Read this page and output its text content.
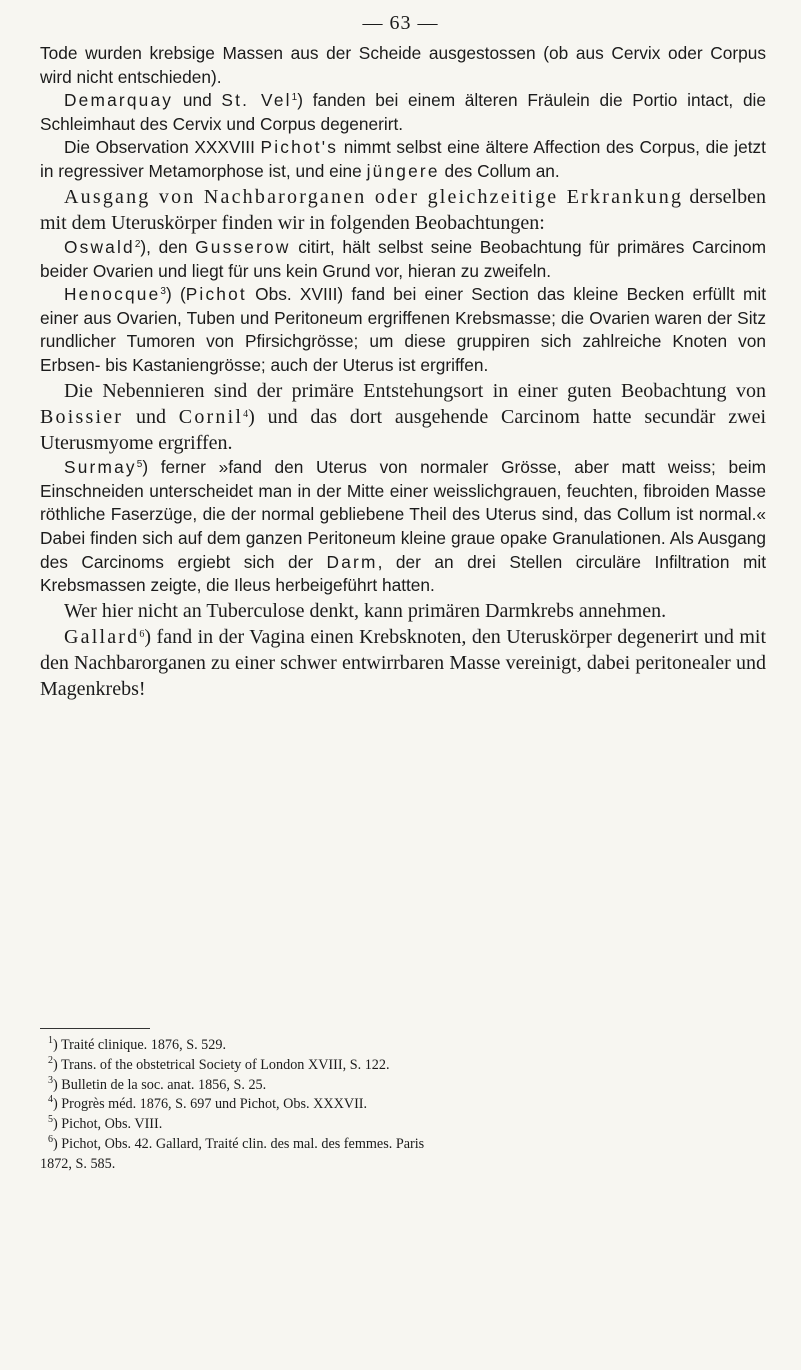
— 63 —

Tode wurden krebsige Massen aus der Scheide ausgestossen (ob aus Cervix oder Corpus wird nicht entschieden).

Demarquay und St. Vel$^1$) fanden bei einem älteren Fräulein die Portio intact, die Schleimhaut des Cervix und Corpus degenerirt.

Die Observation XXXVIII Pichot's nimmt selbst eine ältere Affection des Corpus, die jetzt in regressiver Metamorphose ist, und eine jüngere des Collum an.

Ausgang von Nachbarorganen oder gleichzeitige Erkrankung derselben mit dem Uteruskörper finden wir in folgenden Beobachtungen:

Oswald$^2$), den Gusserow citirt, hält selbst seine Beobachtung für primäres Carcinom beider Ovarien und liegt für uns kein Grund vor, hieran zu zweifeln.

Henocque$^3$) (Pichot Obs. XVIII) fand bei einer Section das kleine Becken erfüllt mit einer aus Ovarien, Tuben und Peritoneum ergriffenen Krebsmasse; die Ovarien waren der Sitz rundlicher Tumoren von Pfirsichgrösse; um diese gruppiren sich zahlreiche Knoten von Erbsen- bis Kastaniengrösse; auch der Uterus ist ergriffen.

Die Nebennieren sind der primäre Entstehungsort in einer guten Beobachtung von Boissier und Cornil$^4$) und das dort ausgehende Carcinom hatte secundär zwei Uterusmyome ergriffen.

Surmay$^5$) ferner »fand den Uterus von normaler Grösse, aber matt weiss; beim Einschneiden unterscheidet man in der Mitte einer weisslichgrauen, feuchten, fibroiden Masse röthliche Faserzüge, die der normal gebliebene Theil des Uterus sind, das Collum ist normal.« Dabei finden sich auf dem ganzen Peritoneum kleine graue opake Granulationen. Als Ausgang des Carcinoms ergiebt sich der Darm, der an drei Stellen circuläre Infiltration mit Krebsmassen zeigte, die Ileus herbeigeführt hatten.

Wer hier nicht an Tuberculose denkt, kann primären Darmkrebs annehmen.

Gallard$^6$) fand in der Vagina einen Krebsknoten, den Uteruskörper degenerirt und mit den Nachbarorganen zu einer schwer entwirrbaren Masse vereinigt, dabei peritonealer und Magenkrebs!

$^1$) Traité clinique. 1876, S. 529.
$^2$) Trans. of the obstetrical Society of London XVIII, S. 122.
$^3$) Bulletin de la soc. anat. 1856, S. 25.
$^4$) Progrès méd. 1876, S. 697 und Pichot, Obs. XXXVII.
$^5$) Pichot, Obs. VIII.
$^6$) Pichot, Obs. 42. Gallard, Traité clin. des mal. des femmes. Paris
1872, S. 585.
